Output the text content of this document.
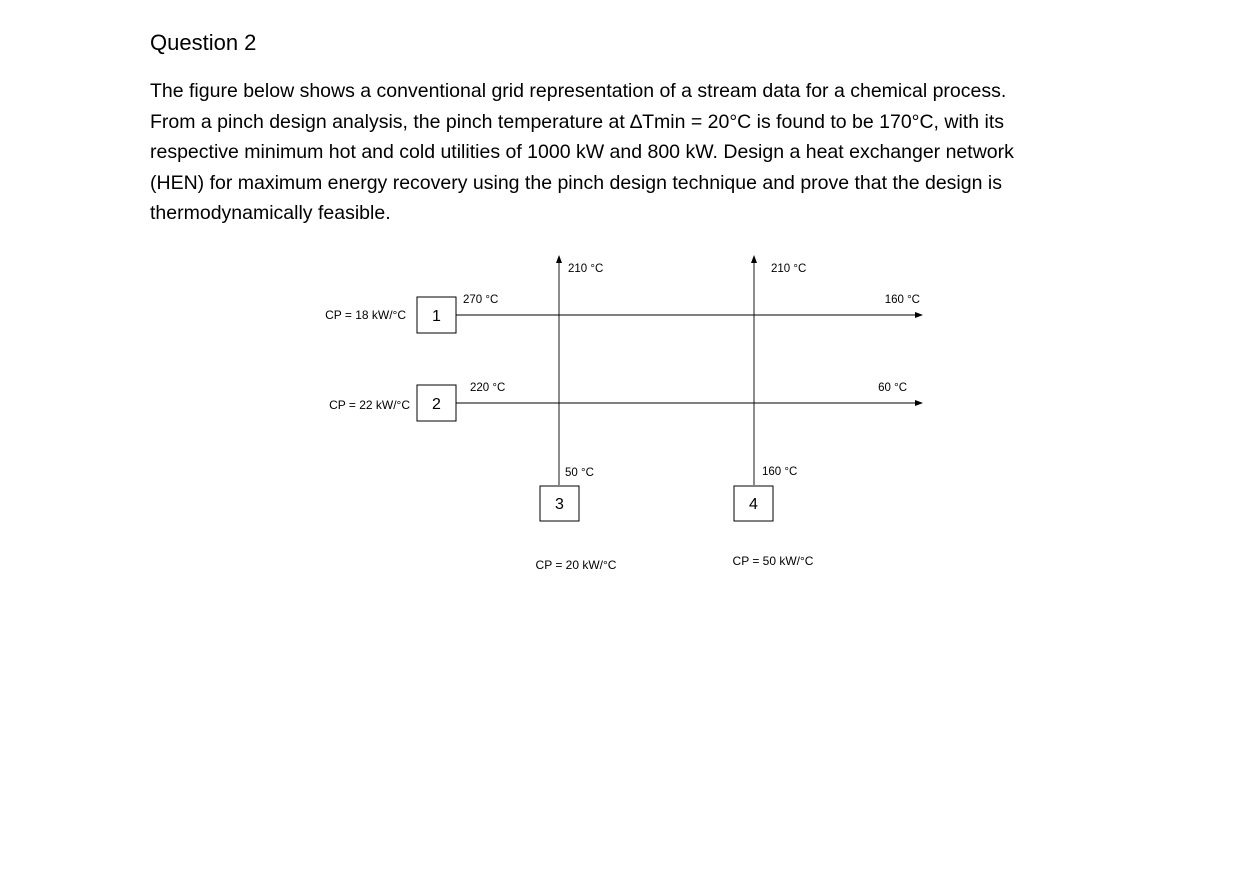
Question 2
The figure below shows a conventional grid representation of a stream data for a chemical process.
From a pinch design analysis, the pinch temperature at ∆Tmin = 20°C is found to be 170°C, with its
respective minimum hot and cold utilities of 1000 kW and 800 kW. Design a heat exchanger network
(HEN) for maximum energy recovery using the pinch design technique and prove that the design is
thermodynamically feasible.
CP = 18 kW/°C 1
270 °C	160 °C
CP = 22 kW/°C 2
220 °C	60 °C
3
210 °C
50 °C
CP = 20 kW/°C
4
210 °C
160 °C
CP = 50 kW/°C
